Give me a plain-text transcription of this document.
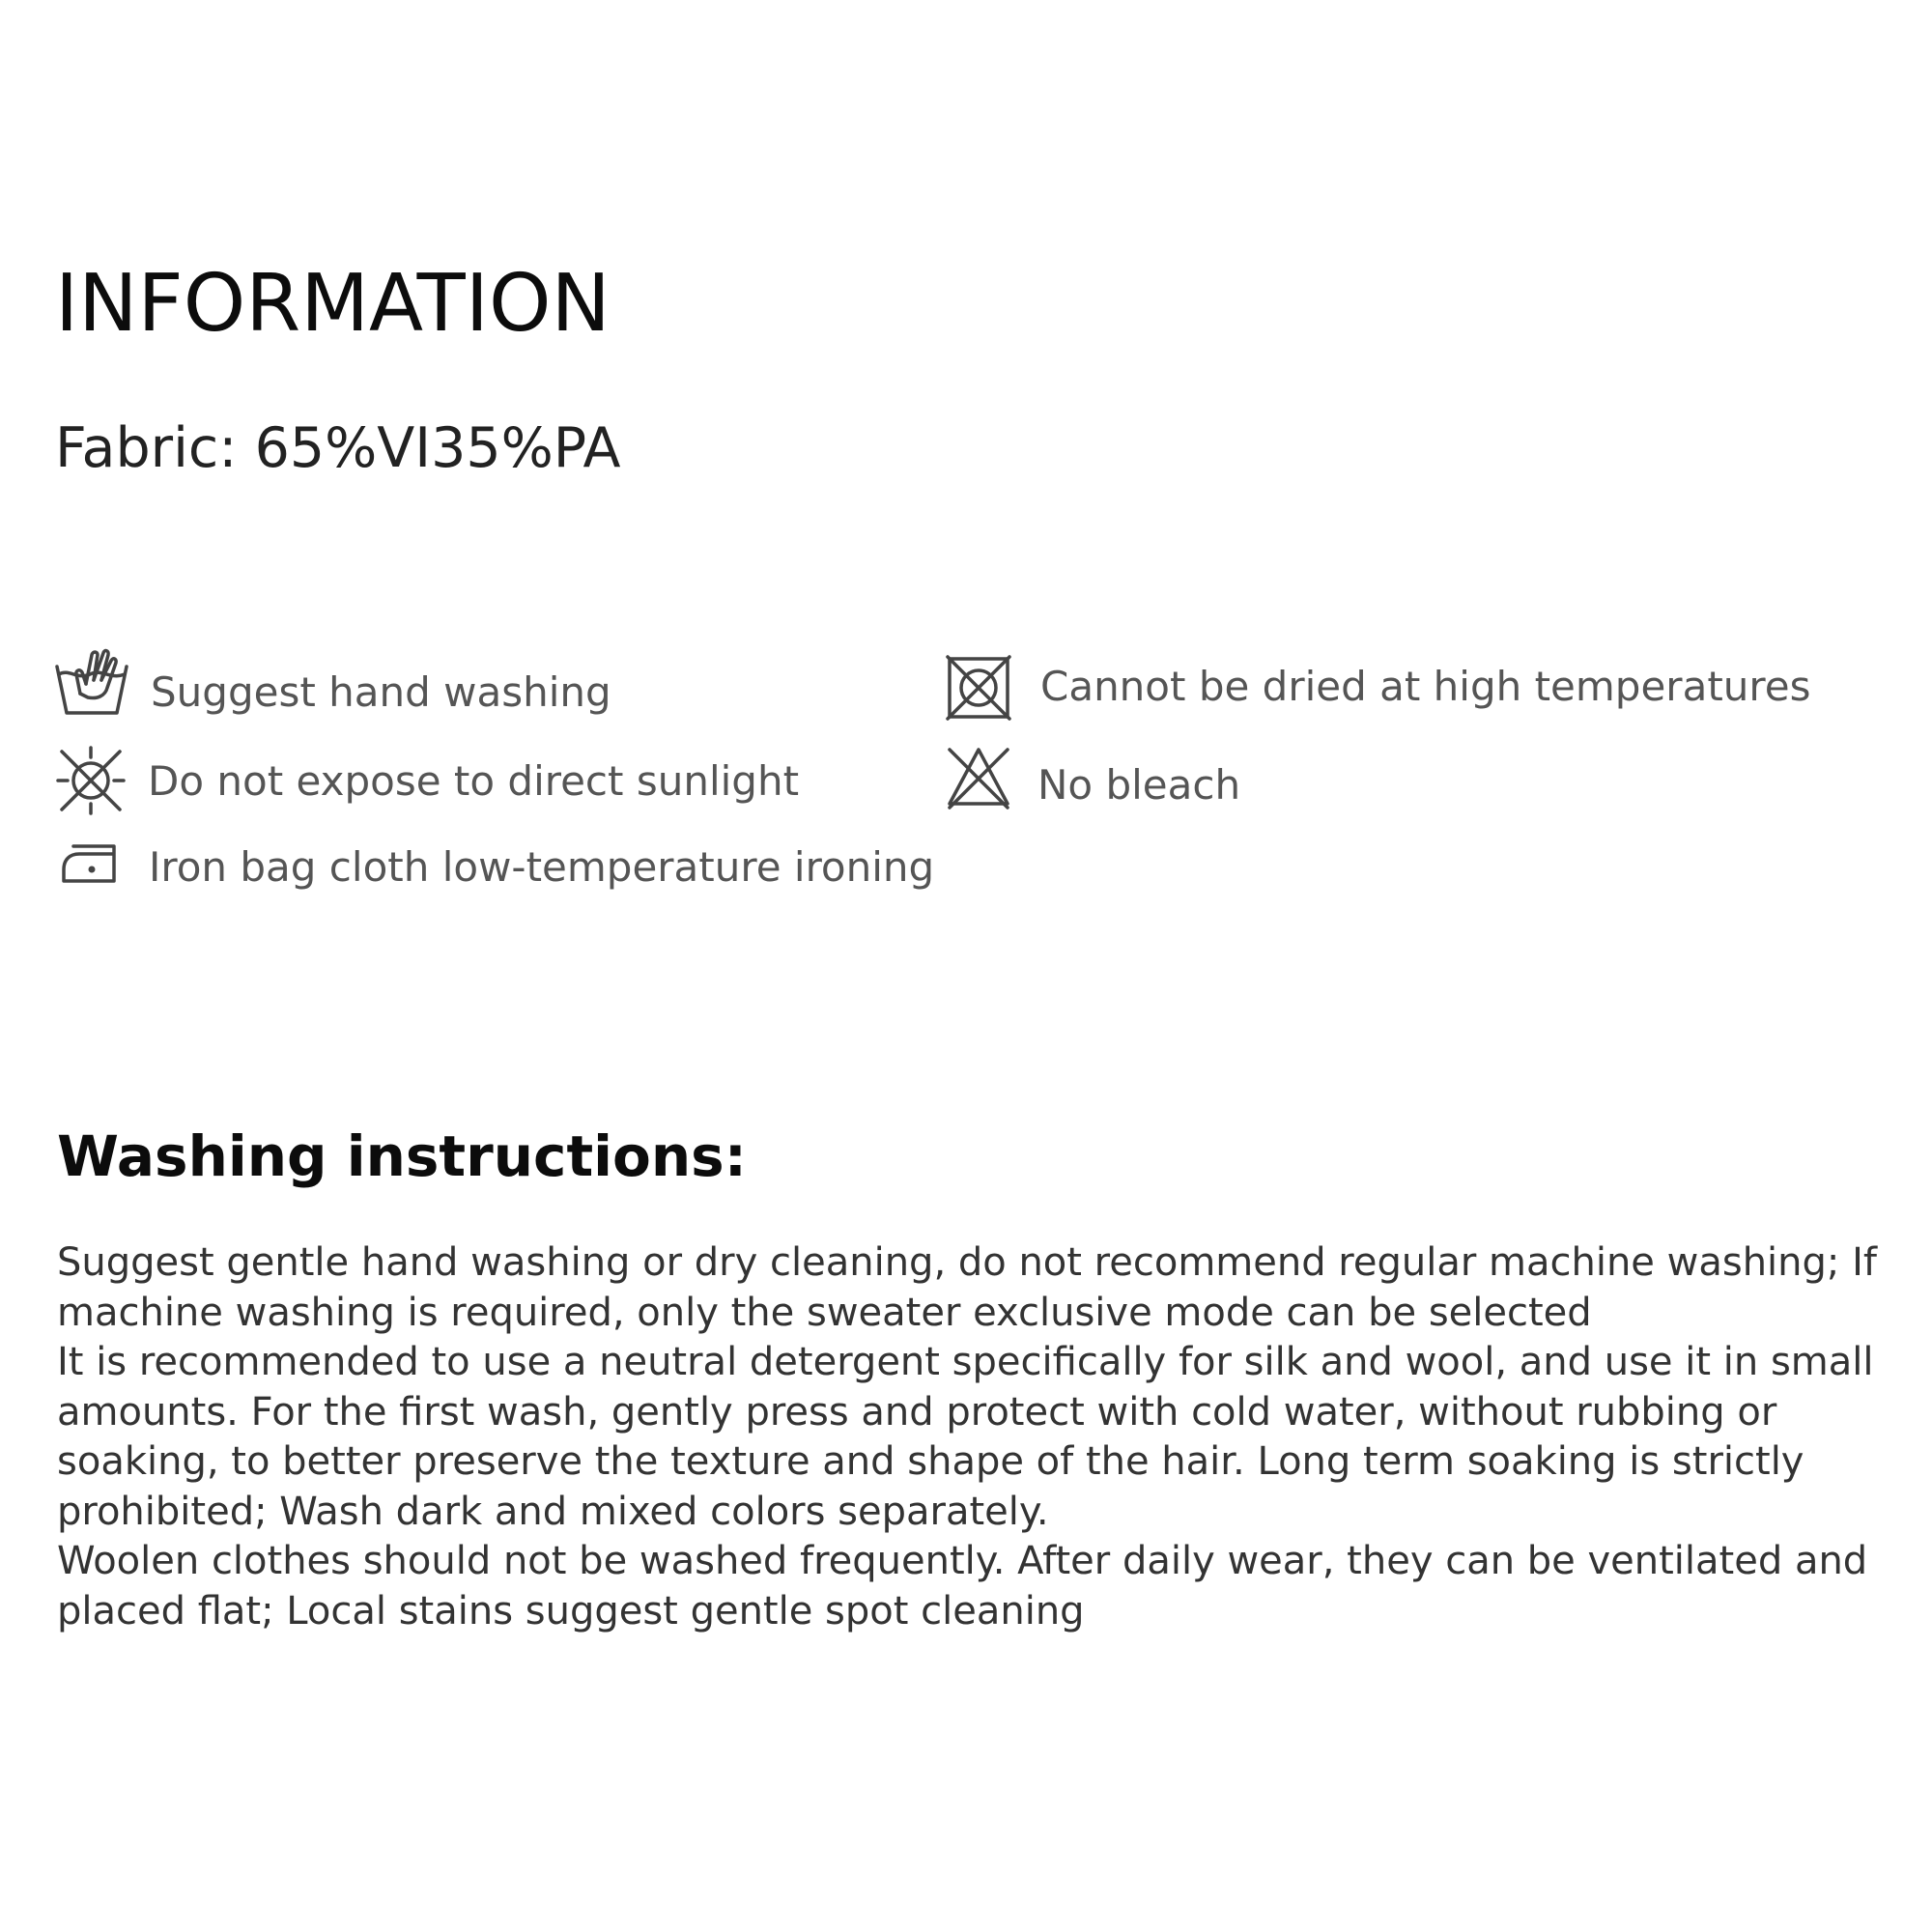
INFORMATION

Fabric: 65%VI35%PA

Suggest hand washing
Do not expose to direct sunlight
Iron bag cloth low-temperature ironing
Cannot be dried at high temperatures
No bleach
Washing instructions:
Suggest gentle hand washing or dry cleaning, do not recommend regular machine washing; If
machine washing is required, only the sweater exclusive mode can be selected
It is recommended to use a neutral detergent specifically for silk and wool, and use it in small
amounts. For the first wash, gently press and protect with cold water, without rubbing or
soaking, to better preserve the texture and shape of the hair. Long term soaking is strictly
prohibited; Wash dark and mixed colors separately.
Woolen clothes should not be washed frequently. After daily wear, they can be ventilated and
placed flat; Local stains suggest gentle spot cleaning
